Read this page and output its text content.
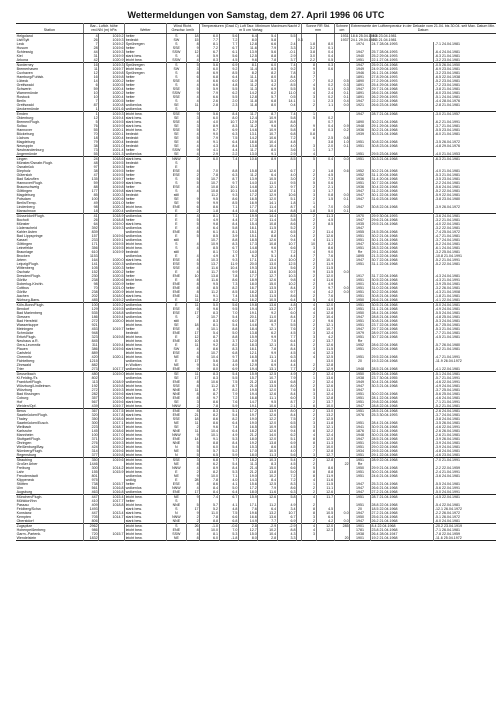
Wettermeldungen von Samstag, dem 27. April 1996 06 UTC
Station	Bar.- Luftdr. höhe red.NN (m) hPa		Wetter	Wind Richt. Geschw. km/h		Temperaturen (Grad C) Luft Taur. Minimum Maximum Nacht 2 m 5 cm Vortag						Sonne RR Std. mm		Schnee cm	Extremwerte der Lufttemperatur in der Dekade vom 21.04. bis 30.04. seit Max. Datum Min. Datum		
Helgoland	4	1019.2	heiter	S	18	6.0	5.6	6.4	5.4	5.5				1931	18.6 25.04.1993	-1.8 23.04.1981	
List/Sylt	26	1019.3	bedeckt	SW	15	7.7	7.2	8.0	5.8		0.3			1937	24.1 29.04.1991	-2.5 21.04.1981	
Leck	7	1019.2	Sprühregen	S	8	8.1	7.7	12.8	6.6	2.4		1.8	8.0		1974	24.7 28.04.1993	-7.1 24.04.1981
Husum	28	1019.6	heiter	SSE	9	7.2	6.7	11.6	7.9	3.3		3.2	0.1				
Schleswig	44	1019.3	heiter	SSW	12	6.7	6.1	13.9	5.6	-0.1		3.8	0.4		1947	25.7 28.04.1993	-6.4 24.04.1981
Kiel	31	1019.9	stark bew.	S	4	5.9	5.6	12.5	8.8	2.9		3.0	0.4		1940	25.2 29.04.1993	-6.3 21.04.1981
Arkona	42	1020.9	leicht bew.	SSW	4	8.3	4.5	9.6	7.8	3.7		2.2	0.5		1951	22.1 27.04.1993	-3.2 23.04.1981
Norderney	16	1019.3	Sprühregen	S	5	5.6	6.9	8.1	6.0	7.4		8	0.3		1947	25.9 21.04.1968	-0.5 26.04.1950
Bremerhaven	11	1019.7	leicht bew.	SW	3	6.0	9.2	11.4	8.5	9.2		9	0.6		1949	24.9 29.04.1993	-6.9 23.04.1981
Cuxhaven	12	1019.8	Sprühregen	S	8	6.9	8.5	8.2	8.2	7.8		3			1946	26.1 21.04.1968	-3.2 23.04.1981
Hamburg/Fuhlsb.	16	1019.8	heiter	S	6	6.8	6.4	11.1	8.0	8.4		7			1891	27.8 29.04.1993	-6.5 22.04.1938
Lübeck	14	1020.2	heiter	SSE	4	6.6	6.0	11.9	5.3	-0.0		7	0.2	0.5	1890	27.2 29.04.1993	-5.2 23.04.1981
Greifswald	6	1020.5	heiter	S	4	6.6	4.8	11.2	4.2	8.5		4	0.2	0.3	1891	25.4 29.04.1968	-7.2 23.04.1981
Schwerin	59	1020.4	heiter	SSE	5	5.9	5.5	11.3	6.9	5.5		5	0.1	0.3	1947	29.7 21.04.1968	-3.8 21.04.1981
Warnemünde	10	1020.2	heiter	SSW	9	7.9	6.2	14.2	6.2	11.0		4	2.4	0.1	1891	28.6 21.04.1968	-6.0 23.04.1981
Rostock	10	1020.4	heiter	SSE	4	6.6	5.5	12.8	5.7	0.5		3	0.2	0.1	1891	26.2 29.04.1993	-5.1 24.04.1981
Berlin	7	1020.5	heiter	S	4	2.6	2.0	11.8	6.8	14.1		1	2.3	0.4	1947	22.2 22.04.1968	-4.4 28.04.1976
Greifswald	87	1020.8	wolkenlos	SE	11	2.8	2.3	11.8	8.0	0.4		2	1.1	0.0	1921	26.6 23.04.1968	-2.8 21.04.1981
Ueckermünde	1	1021.6	wolkenlos	S													
Emden	1	1019.3	leicht bew.	SSE	9	5.6	8.4	11.7	8.7	7.4		1			1947	28.7 21.04.1968	-3.0 21.04.1957
Oldenburg	12	1019.4	stark bew.	SE	3	6.0	8.0	12.4	10.9	5.8		5	0.2				
Bremen/Flugh.	5	1019.5	stark bew.	SSE	4	4.0	10.7	12.9	10.9	8.8			0.7		1890	30.2 21.04.1968	-6.2 21.04.1991
Soltau	76	1019.9	stark bew.	SE	3	8.9	8.3	11.2	9.6	8.0		9	0.4	0.9	1948	29.1 29.04.1968	-3.7 21.04.1981
Hannover	55	1020.1	leicht bew.	SSE	5	6.7	6.9	14.6	10.9	5.8		8	0.3	0.2	1936	30.2 21.04.1968	-5.5 23.04.1981
Bückeburg	70	1020.1	bedeckt	SE	4	9.0	6.3	13.1	10.7	6.8		0.8			1939	30.3 21.04.1968	-6.0 21.04.1981
Lüchow	18	1020.4	bedeckt	SE	5	7.9	7.5	14.2	10.6	7.2		6	2.5	0.8			
Magdeburg	79	1020.4	bedeckt	SE	4	9.1	6.4	18.6	10.4	4.8			3.8	1.0	1951	30.8 22.04.1968	-3.5 26.04.1972
Neuruppin	38	1021.0	bedeckt	SE	4	4.3	8.4	13.8	10.4	4.0		3	2.0	0.1	1951	30.8 23.04.1968	-4.8 29.04.1976
Neubrandenburg	73	1021.4	heiter	SSW	9	4.1	4.4	11.7	8.0	3.6		1	1.7				
Angermünde	55	1021.3	wolkenlos	SE	4	2.9	2.2	13.0	9.1	2.9		4			1951	29.5 23.04.1968	-4.0 21.04.1953
Lingen	24	1018.6	stark bew.	NNW	2	6.0	7.4	10.6	8.9	8.5		5	0.4	0.0	1951	30.3 21.04.1968	-6.3 21.04.1981
Münster/Osnabr.Flugh.	48	1019.5	bedeckt	S													
Osnabrück	97	1019.3	heiter	E													
Diepholz	38	1019.5	heiter	ESE	4	7.0	8.8	15.8	12.6	6.7		2	1.8	0.6	1952	30.2 21.04.1968	-4.0 21.04.1981
Gütersloh	47	1019.5	heiter	ESE	2	7.8	6.3	11.2	6.4	4.0		2	4.5		1952	31.1 20.04.1968	-5.3 21.04.1981
Bad Salzuflen	135	1019.7	heiter	S	5	10.7	8.7	13.9	10.5	3.0		2	7.3		1936	31.4 20.04.1968	-3.5 23.04.1981
Hannover/Flugh.	59	1019.9	stark bew.	S	5	10.7	9.7	14.0	11.0	9.5		5	0.6		1951	30.7 22.04.1968	-2.2 24.04.1981
Braunschweig	88	1019.8	heiter	ESE	4	10.8	10.1	14.8	12.1	9.7		2	2.1		1936	30.4 22.04.1968	-5.6 24.04.1981
Göttingen	177	1019.8	stark bew.	S	4	10.8	10.1	14.8	12.8	7.1		3	1.7		1947	31.2 22.04.1968	-5.2 22.04.1981
Magdeburg	85	1020.3	bedeckt	still		11.2	9.3	17.2	12.9	10.6		3	0.8	0.0	1947	30.1 22.04.1968	-5.9 22.04.1981
Potsdam	100	1020.6	heiter	SE	9	9.5	8.6	16.5	12.0	5.1		2	1.5	0.1	1947	31.6 23.04.1968	-3.8 23.04.1980
Berlin/Temp.	49	1021.0	heiter	SE	9	9.9	8.5	16.9	14.1	1.8		1					
Lindenberg	98	1020.3	leicht bew.	ENE	6	8.6	7.1	17.7	11.4	8.7		4	7.0	0.0	1947	30.8 22.04.1968	-3.9 26.04.1972
Manschnow	18	1020.4	wolkenlos	E	2	1.8	4.4	10.4	14.4	8.8		1.8	5.0	0.1			
Düsseldorf/Flugh.	41	1018.9	wolkenlos	E	4	8.1	7.1	19.9	14.4	8.5		2	11.3		1970	29.9 30.04.1993	-3.6 24.04.1981
Bocholt	26	1018.8	heiter	E	5	4.9	4.4	17.3	11.4	3.8		2	4.5		1947	29.6 21.04.1968	-3.2 21.04.1981
Münster	64	1019.0	stark bew.	E	5	9.8	8.4	15.4	10.8	8.6		2	8.5		1935	29.5 21.04.1968	-4.0 22.04.1981
Lüdenscheid	392	1019.3	wolkenlos	E	4	6.4	5.8	16.1	11.5	5.2		2			1947		-3.2 22.04.1981
Kahler Asten	839		wolkenlos	ENE	8	6.1	8.1	15.1	8.2	6.5		2	11.4		1955	24.5 25.04.1968	-7.4 25.04.1972
Bad Lippspringe	157	1019.6	wolkenlos	E	5	8.5	3.9	15.1	8.8	0.4		2	12.6		1951	30.2 21.04.1968	-4.7 21.04.1981
Kassel	233	1019.1	wolkenlos	still		10.7	8.8	18.5	12.6	9.4		4	11.1		1951	30.1 21.04.1968	-3.7 24.04.1981
Göttingen	171	1019.5	leicht bew.	S	4	10.9	8.3	17.3	10.8	10.7		10	8.2		1947	30.6 22.04.1968	-5.2 24.04.1981
Leinefelde	356	1019.5	leicht bew.	S	4	8.5	6.7	14.8	9.6	6.6		3	8.6		1951	28.3 22.04.1968	-6.1 24.04.1981
Braunlage	610	1019.9	bedeckt	still		8.1	7.0	14.0	9.7	7.2		4	9.0		Re	29.1 22.04.1968	-3.2 25.04.1981
Brocken	1153		wolkenlos	E	4	4.9	4.7	6.2	5.1	4.4		7	7.6		1895	21.3 22.04.1968	-10.8 21.04.1991
Artern	164	1020.0	stark bew.	ESE	4	10.3	9.3	17.1	13.4	10.0		2	10.1		1947	30.7 22.04.1968	-5.2 21.04.1991
Leipzig/Flugh.	141	1020.3	wolkenlos	ESE	5	13.7	11.9	20.0	13.0	12.5		2	11.9		1951	31.1 22.04.1968	-5.2 22.04.1981
Wittenberg	105	1020.3	heiter	SSE	4	11.6	10.4	19.3	13.6	5.6		2	11.5				
Oschatz	152	1020.2	heiter	E	4	11.7	9.9	18.1	13.6	10.5		9	11.5	0.0			
Dresden/Flugh.	230	1020.5	heiter	ENE	10	13.8	7.8	17.7	12.7	10.3		2	12.0		1917	31.7 22.04.1968	-4.3 24.04.1981
Görlitz	238	1020.6	leicht bew.	E	8	11.6	8.6	18.9	12.6	9.8		4	11.6		1951	30.5 22.04.1968	-4.3 21.04.1991
Doberlug-Kirchh.	98	1020.9	heiter	ENE	8	9.5	7.3	18.0	15.0	10.2		2	4.9		1901	30.4 22.04.1968	-3.9 25.04.1981
Cottbus	70	1021.0	heiter	ENE	8	8.5	8.2	16.7	13.5	8.4		2	9.7	0.0	1951	31.0 22.04.1968	-3.2 26.04.1981
Görlitz	238	1020.9	leicht bew.	ENE	8	11.2	8.5	18.2	13.3	9.7		4	4.2	0.0	1951	30.2 22.04.1968	-4.3 21.04.1908
Aachen	202	1018.0	stark bew.	ENE	11	9.1	7.4	15.5	11.5	8.6		2	7.6		1951	30.8 21.04.1968	-1.8 21.04.1981
Nürburg-Barw.	485	1019.2	wolkenlos	E	11	8.2	6.2	16.2	10.5	6.4		5	4.0		1950	26.6 21.04.1968	-4.1 22.04.1981
Köln-Bonn/Flugh.	100	1019.2	wolkenlos	E	11	5.0	5.6	19.8	13.6	4.8		4	12.0		1951	30.5 21.04.1968	-5.0 24.04.1981
Bendorf	129	1019.5	wolkenlos	ESE	6	9.6	9.5	19.4	13.2	10.7		4	11.9		1951	31.1 21.04.1968	-4.9 24.04.1981
Bad Marienberg	535	1018.8	wolkenlos	ESE	17	8.3	7.0	19.1	9.2	6.0		4	12.8		1950	28.4 21.04.1968	-5.5 24.04.1981
Giessen	186	1019.4	wolkenlos	S	2	10.7	5.4	20.1	11.0	8.4		2	10.4		1947	28.8 21.04.1968	-4.8 25.04.1981
Bad Hersfeld	272	1020.0	leicht bew.	still		8.3	6.0	18.7	10.8	7.4		2	9.6		1951	30.8 21.04.1968	-5.3 24.04.1981
Wasserkuppe	921		leicht bew.	SE	18	8.1	5.4	14.6	9.7	5.5		2	12.1		1951	23.7 22.04.1968	-6.7 25.04.1981
Meiningen	453	1019.7	heiter	ESE	4	10.1	8.8	18.4	12.1	7.6		2	10.7		1947	29.7 22.04.1968	-5.3 21.04.1981
Schmücke	948		bedeckt	ENE	17	5.4	5.0	13.8	6.2	4.5		3	12.4		1979	28.9 27.04.1993	-7.7 21.04.1981
Erfurt/Flugh.	323	1019.8	leicht bew.	E	12	8.7	8.8	15.9	9.9	7.7		3	4.2		1951	30.7 22.04.1968	-4.5 21.04.1981
Neuhaus a.R.	845		leicht bew.	ENE	10	4.5	3.7	12.0	7.5	6.4		2	13.7		Re		
Gera-Leumnitz	311	1019.4	leicht bew.	E	11	9.2	8.2	18.3	12.1	8.1		2	12.6		1952	28.6 22.04.1968	-5.7 26.04.1980
Plauen	386	1019.6	stark bew.	SW	4	8.6	8.3	16.1	7.8	8.4		3	11.5		1951	29.0 22.04.1968	-5.2 21.04.1981
Carlsfeld	889		leicht bew.	ESE	4	10.7	6.8	12.1	9.9	4.5		4	12.3				
Chemnitz	420	1020.1	leicht bew.	NE	6	10.4	9.7	16.5	11.1	6.3		4	12.5		1951	29.5 22.04.1968	-4.7 21.04.1991
Fichtelberg	1215		wolkenlos	E	17	5.6	3.8	8.9	3.4	4.6			13.0		20	19.3 22.04.1968	-11.9 26.04.1972
Zinnwald	882		in Wolken	NE	9	5.4	4.9	12.9	6.9	4.4		2	12.8				
Trier	273	1017.7	wolkenlos	ENE	9	8.0	6.9	19.4	13.1	7.7		2	12.9		1948	28.5 21.04.1968	-4.1 22.04.1981
Deuselbach	480	1019.0	leicht bew.	SE	11	8.3	5.4	15.9	12.5	4.9		2	12.4		1950	25.9 21.04.1968	-5.1 24.04.1981
Kl.Feldbg./Ts	802		wolkenlos	SE	17	8.3	5.5	15.7	10.7	7.9		1	13.6		1938	23.7 30.04.1955	-5.7 21.04.1991
Frankfurt/Flugh.	113	1018.9	wolkenlos	ENE	8	10.6	7.5	21.2	13.6	6.8		2	12.4		1949	30.4 21.04.1968	-4.6 22.04.1991
Würzburg/Lindleinsm.	192	1019.8	leicht bew.	SSE	8	11.2	8.7	21.0	13.5	8.0		2	12.6		1947	30.3 21.04.1968	-4.9 24.04.1981
Würzburg	272	1019.3	leicht bew.	NNE	11	8.7	8.2	19.5	12.0	7.6		5	11.1		1947		-3.7 25.04.1981
Bad Kissingen	282	1019.6	stark bew.	NNE	8	8.7	7.9	19.4	12.6	8.4		3	12.4		1951	30.0 22.04.1968	-5.6 25.04.1981
Coburg	357	1019.0	leicht bew.	ENE	8	9.7	7.2	16.8	11.1	6.0		3	12.8		1951	28.1 22.04.1968	-4.6 24.04.1981
Hof	567	1019.6	stark bew.	SE	3	8.6	7.6	14.7	9.5	8.7		2	13.7		1951	29.8 22.04.1968	-7.1 21.04.1991
Weiden/Opf.	439	1019.7	leicht bew.	NNW	2	7.8	5.9	19.1	10.6	2.1		8	10.0		1947	28.8 22.04.1968	-5.2 21.04.1981
Berus	367	1017.5	leicht bew.	ENE	8	8.3	5.1	17.2	13.9	8.0		2	13.0		1951	28.5 21.04.1968	-2.6 24.04.1981
Saarbrücken/Flugh.	320	1017.8	stark bew.	ENE	21	8.2	5.4	19.7	12.6	8.4		2	13.2		1976	25.3 30.04.1993	-3.7 24.04.1981
Thaley	350	1018.6	leicht bew.	SSE	18	8.6	8.2	19.0	12.2	7.5		2	12.5				-3.8 24.04.1981
Saarbrücken/Eusch.	300	1017.1	leicht bew.	NE	11	8.6	6.4	19.0	12.0	6.5		3	11.8		1951	28.4 21.04.1968	-3.5 26.04.1981
Weilbach	223	1018.7	leicht bew.	SE	2	9.6	7.4	16.5	10.9	6.5		3	12.1		1941	30.9 21.04.1968	-4.6 22.04.1991
Karlsruhe	145	1018.6	leicht bew.	NNE	11	10.4	6.4	18.2	12.6	9.4		8	12.2		1876	32.1 21.04.1968	-2.6 26.04.1981
Mannheim	100	1017.0	leicht bew.	NNW	9	10.1	4.9	21.2	14.0	6.2		4	12.4		1948	30.0 21.04.1968	-2.6 21.04.1981
Stuttgart/Flugh.	371	1019.2	leicht bew.	ENE	14	9.1	5.3	18.0	12.0	5.1		8	12.0		1947	28.5 21.04.1968	-3.9 26.04.1981
Öhringen	276	1019.3	leicht bew.	NNE	5	8.8	8.4	19.2	13.8	6.9		8	11.3		1951	29.5 21.04.1968	-3.9 24.04.1981
Weißenburg/Bay.	424	1019.2	leicht bew.	N	5	6.0	5.4	15.3	8.6	4.5		2	10.0		1951	29.0 22.04.1968	-3.9 24.04.1981
Nürnberg/Flugh.	314	1019.6	leicht bew.	NE	5	5.7	5.2	17.0	10.5	4.0		7	12.8		1934	29.5 22.04.1968	-4.8 24.04.1981
Regensburg	377	1019.8	leicht bew.	N	5	6.5	5.9	18.0	11.3	5.6		3	12.7		1951	29.1 22.04.1968	-4.6 23.04.1981
Straubing	350	1019.6	leicht bew.	SSE	3	6.8	7.7	18.2	10.3	5.4		2	12.8		1951	28.9 22.04.1968	-7.0 21.04.1991
Großer Arber	1446		leicht bew.	NE	8	6.2	5.4	11.3	8.3	4.5		2		22	Re		
Freiburg	300	1014.2	leicht bew.	NNW	4	8.9	8.4	21.4	15.0	6.6		5	8.6		1950	29.9 21.04.1968	-2.2 22.04.1959
Lahr	155	1015.9	leicht bew.	E	2	8.2	5.3	21.2	13.8	5.0		8	8.8		1951	30.0 21.04.1968	-2.4 21.04.1991
Freudenstadt	801		wolkenlos	NE	9	10.0	7.1	19.0	10.2	7.2		8	11.9		1951	24.6 21.04.1968	-3.6 24.04.1981
Klippeneck	975		wolkig	E	28	7.8	4.0	14.3	8.4	7.2		4	11.6				
Stötten	738	1015.7	heiter	ESE	8	8.6	4.1	15.6	12.5	8.3		1	11.5		1947	25.3 21.04.1968	-5.5 24.04.1981
Ulm	561	1016.8	wolkenlos	NNW	4	8.4	5.0	17.2	7.9	8.6		2	11.1		1947	26.6 21.04.1968	-5.6 22.04.1991
Augsburg	463	1016.8	wolkenlos	ENE	17	8.4	6.4	18.0	11.6	6.3		2	12.6		1947	27.2 21.04.1968	-5.0 24.04.1991
München/Flugh.	447	1015.4	leicht bew.	NE	9	7.4	6.7	15.9	12.6	5.8		4	11.7		1951	28.7 21.04.1968	-4.5 22.04.1981
Mühldorf/Inn	410	1017.7	heiter	S													
Passau	409	1018.8	leicht bew.	NNE	5	5.7	4.1	17.1	11.2	4.9		2			1951	28.8 22.04.1968	-5.4 22.04.1981
Feldberg/Schw.	1493		stark bew.	S	17	5.2	4.8	7.6	6.4	3.4		8	4.5		20	18.5 22.04.1968	-12.1 26.04.1972
Konstanz	447	1013.4	stark bew.	N	9	11.0	7.5	19.6	13.2	10.7		8	10.5	0.0	1947	27.2 21.04.1968	-2.2 26.04.1972
Kempten	705	1014.7	stark bew.	NNW	2	7.8	6.6	16.6	13.6	6.7		3	6.4		1950	25.6 21.04.1968	-5.1 26.04.1972
Oberstdorf	806		stark bew.	NNE	2	8.8	6.8	14.9	7.7	6.9		2	4.2	0.0	1947	26.2 21.04.1968	-6.0 24.04.1981
Zugspitze	2962		leicht bew.	S	26	-1.0	-0.6	2.8	-2.9	-2.9		4	12.0	285	1901	8.4 22.04.1968	-20.2 23.04.1919
Hohenpeißenberg	986		leicht bew.	ENE	8	10.0	7.0	12.7	10.2	8.8		4	12.3		1781	23.8 21.04.1968	-7.1 26.04.1981
Garm.-Partenk.	720	1015.7	leicht bew.	SSW	4	8.1	5.3	15.0	10.4	4.3		3			1938	26.4 28.04.1947	-7.8 22.04.1959
Wendelstein	1832		leicht bew.	NE	8	6.0	-1.8	8.0	2.8	3.3				20	1901	19.2 21.04.1968	-11.6 25.04.1972
